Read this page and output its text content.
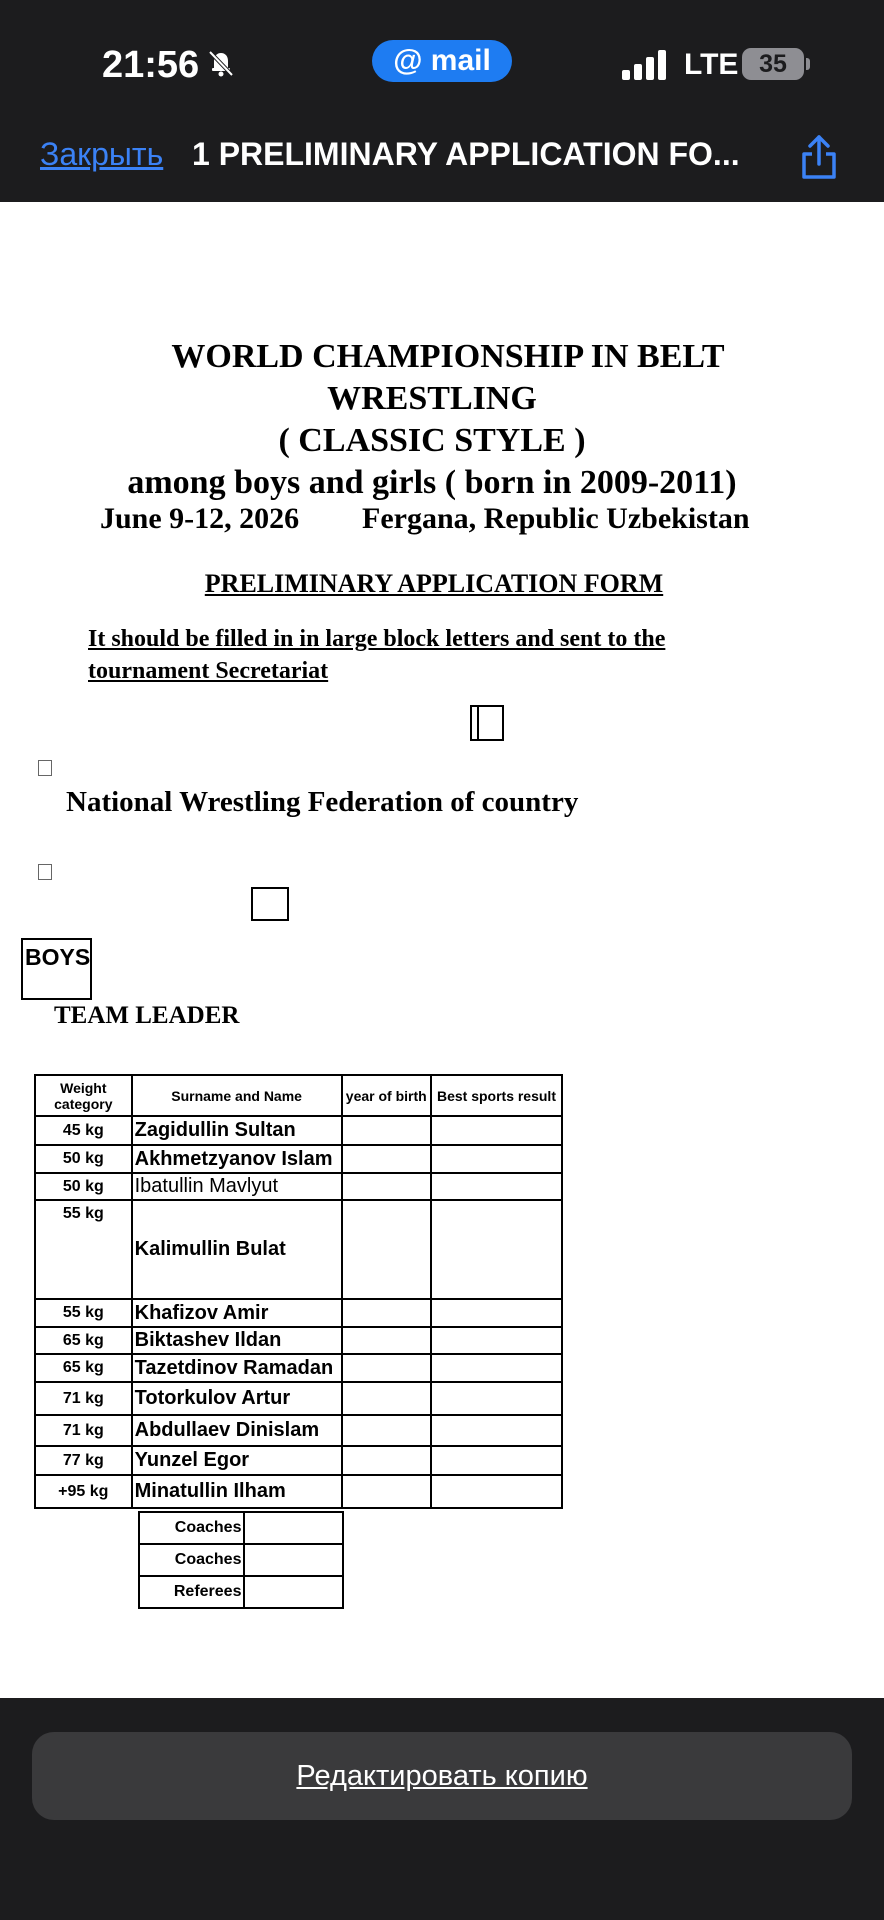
21:56	@ mail	LTE 35
Закрыть 1 PRELIMINARY APPLICATION FO...
WORLD CHAMPIONSHIP IN BELT
WRESTLING
( CLASSIC STYLE )
among boys and girls ( born in 2009-2011)
June 9-12, 2026 Fergana, Republic Uzbekistan
PRELIMINARY APPLICATION FORM
It should be filled in in large block letters and sent to the tournament Secretariat
National Wrestling Federation of country
BOYS
TEAM LEADER
Weight category	Surname and Name	year of birth	Best sports result
45 kg	Zagidullin Sultan		
50 kg	Akhmetzyanov Islam		
50 kg	Ibatullin Mavlyut		
55 kg	Kalimullin Bulat		
55 kg	Khafizov Amir		
65 kg	Biktashev Ildan		
65 kg	Tazetdinov Ramadan		
71 kg	Totorkulov Artur		
71 kg	Abdullaev Dinislam		
77 kg	Yunzel Egor		
+95 kg	Minatullin Ilham		
Coaches	
Coaches	
Referees	
Редактировать копию
